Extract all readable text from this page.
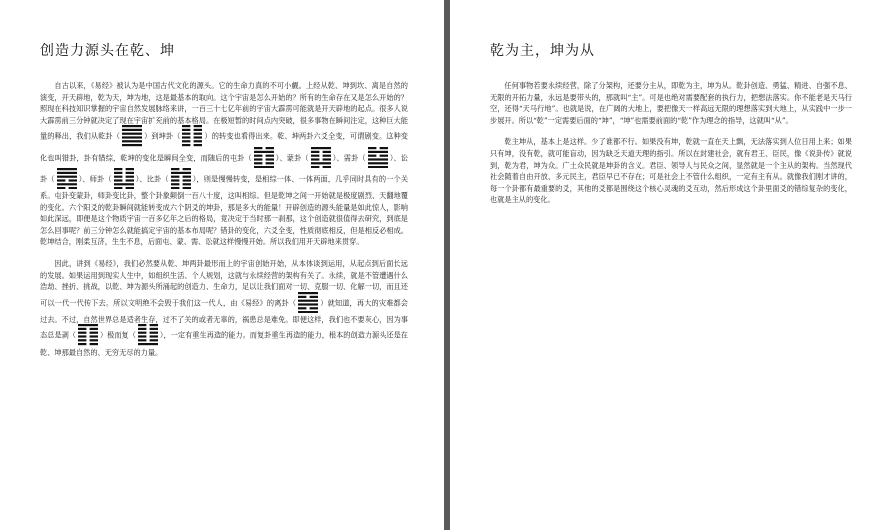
创造力源头在乾、坤

自古以来，《易经》被认为是中国古代文化的源头。它的生命力真的不可小觑。上经从乾、坤到坎、离是自然的演变，开天辟地，乾为天，坤为地，这是最基本的取向。这个宇宙是怎么开始的？所有的生命存在又是怎么开始的？照现在科技知识掌握的宇宙自然发展脉络来讲，一百三十七亿年前的宇宙大霹雳可能就是开天辟地的起点。很多人说大霹雳前三分钟就决定了现在宇宙扩充前的基本格局。在极短暂的时间点内突破，很多事物在瞬间注定，这种巨大能量的释出，我们从乾卦（	）到坤卦（	）的转变也看得出来。乾、坤两卦六爻全变，可谓剧变。这种变化也叫错卦，卦有错综，乾坤的变化是瞬间全变，而随后的屯卦（	）、蒙卦（	）、需卦（	）、讼卦（	）、师卦（	）、比卦（	），则是慢慢转变，是相综一体、一体两面，几乎同时具有的一个关系。屯卦变蒙卦，师卦变比卦，整个卦象颠倒一百八十度，这叫相综。但是乾坤之间一开始就是极度剧烈、天翻地覆的变化。六个阳爻的乾卦瞬间就能转变成六个阴爻的坤卦，那是多大的能量！开辟创造的源头能量是如此惊人，影响如此深远，即便是这个物质宇宙一百多亿年之后的格局，竟决定于当时那一刹那，这个创造就很值得去研究，到底是怎么回事呢？前三分钟怎么就能搞定宇宙的基本布局呢？错卦的变化，六爻全变，性质彻底相反，但是相反必相成。乾坤结合，刚柔互济，生生不息，后面屯、蒙、需、讼就这样慢慢开始。所以我们用开天辟地来贯穿。

因此，讲到《易经》，我们必然要从乾、坤两卦最形而上的宇宙创始开始，从本体谈到运用，从起点到后面长远的发展。如果运用到现实人生中，如组织生活、个人规划，这就与永续经营的架构有关了。永续，就是不管遭遇什么浩劫、挫折、挑战，以乾、坤为源头所涌起的创造力、生命力，足以让我们面对一切、克服一切、化解一切，而且还可以一代一代传下去。所以文明绝不会毁于我们这一代人，由《易经》的离卦（	）就知道，再大的灾难都会过去。不过，自然世界总是适者生存，过不了关的或者无辜的，祸患总是难免。即便这样，我们也不要灰心，因为事态总是剥（	）极而复（	），一定有重生再造的能力。而复卦重生再造的能力，根本的创造力源头还是在乾、坤那最自然的、无穷无尽的力量。

乾为主，坤为从

任何事物若要永续经营，除了分架构，还要分主从，即乾为主，坤为从。乾卦创造、勇猛、精进、自强不息、无限的开拓力量，永远是要带头的，那就叫“主”。可是也绝对需要配套的执行力，把想法落实。你不能老是天马行空，还得“天马行地”。也就是说，在广阔的大地上，要把像天一样高远无限的理想落实到大地上，从实践中一步一步展开。所以“乾”一定需要后面的“坤”，“坤”也需要前面的“乾”作为理念的指导，这就叫“从”。

乾主坤从，基本上是这样。少了谁都不行。如果没有坤，乾就一直在天上飘，无法落实到人位日用上来；如果只有坤，没有乾，就可能盲动，因为缺乏天道天理的指引。所以在封建社会，就有君王、臣民，像《说卦传》就说到，乾为君，坤为众。广土众民就是坤卦的含义。君臣、领导人与民众之间，显然就是一个主从的架构。当然现代社会随着自由开放、多元民主，君臣早已不存在；可是社会上不管什么组织，一定有主有从。就像我们刚才讲的，每一个卦都有最重要的爻，其他的爻都是围绕这个核心灵魂的爻互动，然后形成这个卦里面爻的错综复杂的变化，也就是主从的变化。
